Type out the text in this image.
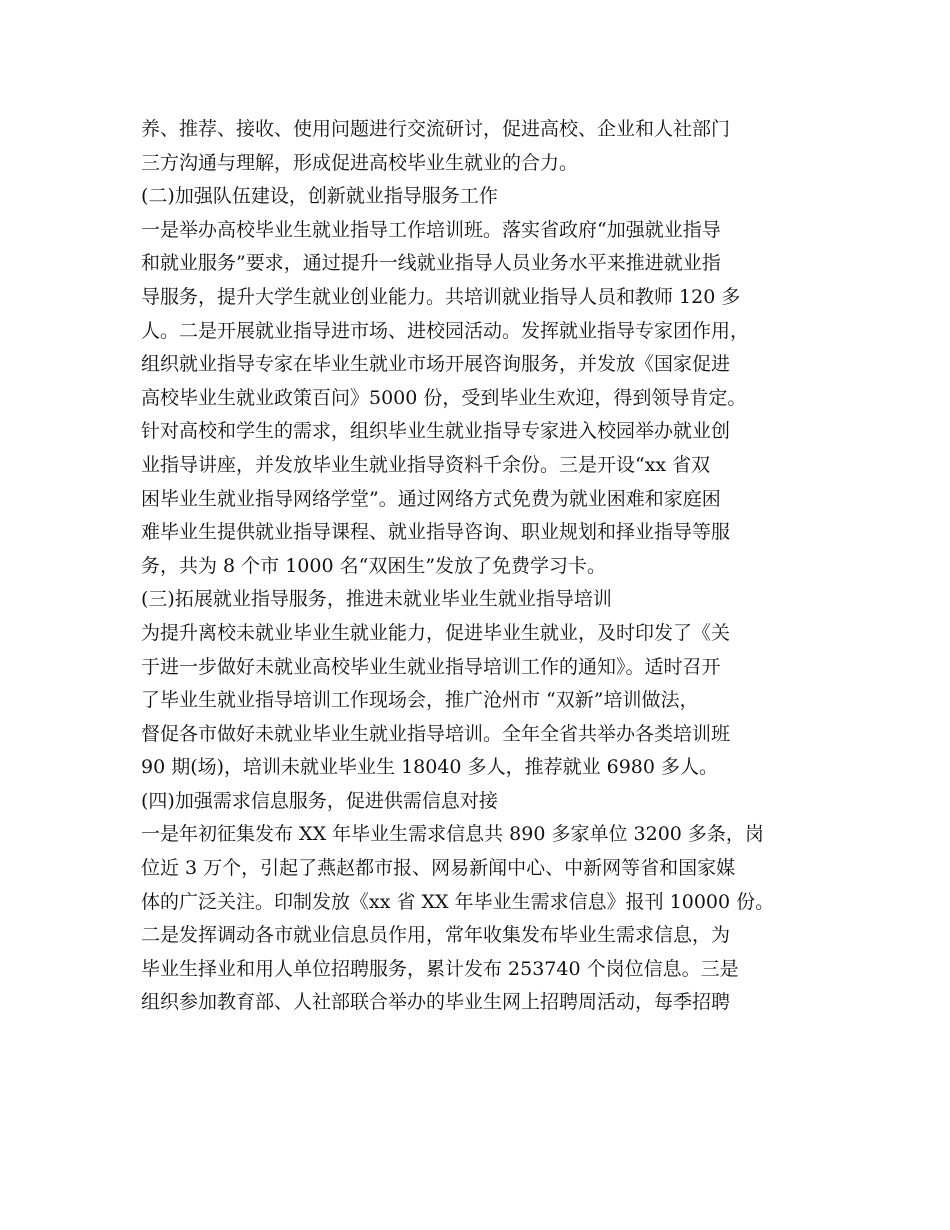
养、推荐、接收、使用问题进行交流研讨，促进高校、企业和人社部门
三方沟通与理解，形成促进高校毕业生就业的合力。
(二)加强队伍建设，创新就业指导服务工作
一是举办高校毕业生就业指导工作培训班。落实省政府“加强就业指导
和就业服务”要求，通过提升一线就业指导人员业务水平来推进就业指
导服务，提升大学生就业创业能力。共培训就业指导人员和教师 120 多
人。二是开展就业指导进市场、进校园活动。发挥就业指导专家团作用，
组织就业指导专家在毕业生就业市场开展咨询服务，并发放《国家促进
高校毕业生就业政策百问》5000 份，受到毕业生欢迎，得到领导肯定。
针对高校和学生的需求，组织毕业生就业指导专家进入校园举办就业创
业指导讲座，并发放毕业生就业指导资料千余份。三是开设“xx 省双
困毕业生就业指导网络学堂”。通过网络方式免费为就业困难和家庭困
难毕业生提供就业指导课程、就业指导咨询、职业规划和择业指导等服
务，共为 8 个市 1000 名“双困生”发放了免费学习卡。
(三)拓展就业指导服务，推进未就业毕业生就业指导培训
为提升离校未就业毕业生就业能力，促进毕业生就业，及时印发了《关
于进一步做好未就业高校毕业生就业指导培训工作的通知》。适时召开
了毕业生就业指导培训工作现场会，推广沧州市 “双新”培训做法，
督促各市做好未就业毕业生就业指导培训。全年全省共举办各类培训班
90 期(场)，培训未就业毕业生 18040 多人，推荐就业 6980 多人。
(四)加强需求信息服务，促进供需信息对接
一是年初征集发布 XX 年毕业生需求信息共 890 多家单位 3200 多条，岗
位近 3 万个，引起了燕赵都市报、网易新闻中心、中新网等省和国家媒
体的广泛关注。印制发放《xx 省 XX 年毕业生需求信息》报刊 10000 份。
二是发挥调动各市就业信息员作用，常年收集发布毕业生需求信息，为
毕业生择业和用人单位招聘服务，累计发布 253740 个岗位信息。三是
组织参加教育部、人社部联合举办的毕业生网上招聘周活动，每季招聘
